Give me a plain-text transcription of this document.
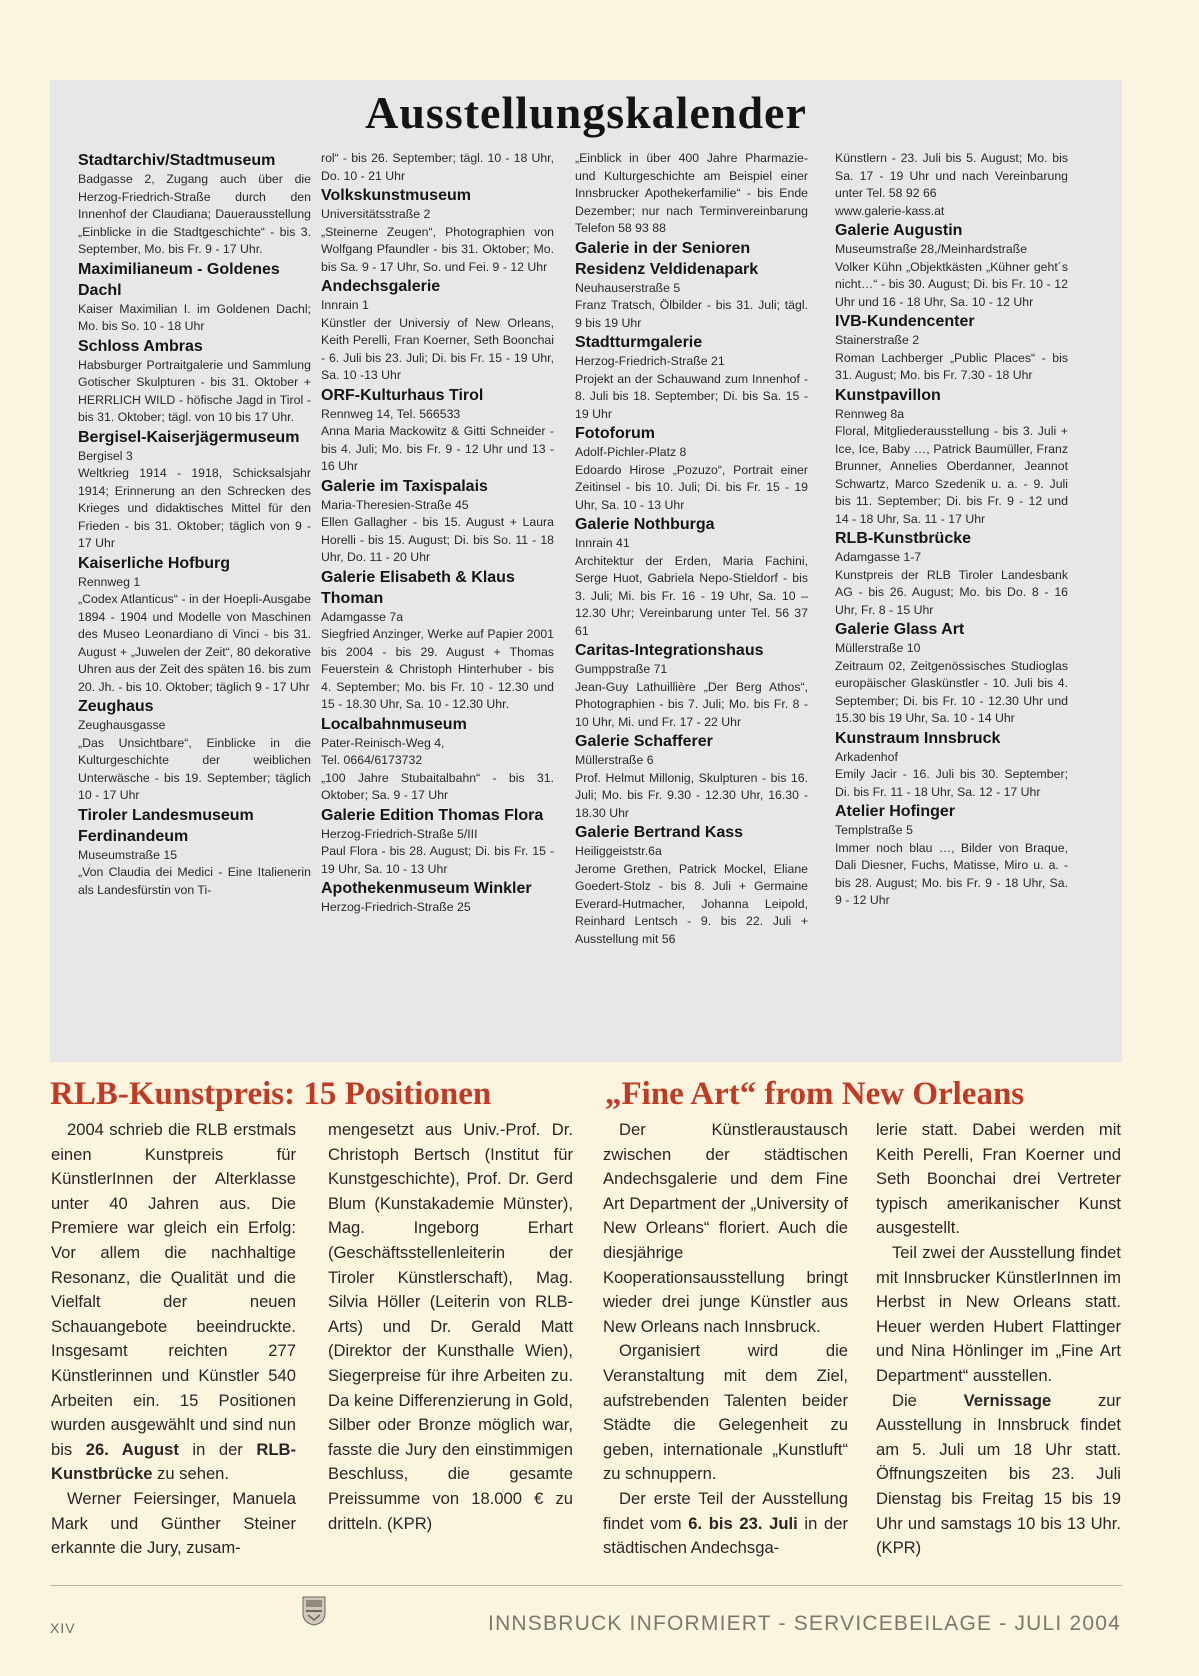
Ausstellungskalender
Stadtarchiv/Stadtmuseum
Badgasse 2, Zugang auch über die Herzog-Friedrich-Straße durch den Innenhof der Claudiana; Dauerausstellung „Einblicke in die Stadtgeschichte“ - bis 3. September, Mo. bis Fr. 9 - 17 Uhr.
Maximilianeum - Goldenes Dachl
Kaiser Maximilian I. im Goldenen Dachl; Mo. bis So. 10 - 18 Uhr
Schloss Ambras
Habsburger Portraitgalerie und Sammlung Gotischer Skulpturen - bis 31. Oktober + HERRLICH WILD - höfische Jagd in Tirol - bis 31. Oktober; tägl. von 10 bis 17 Uhr.
Bergisel-Kaiserjägermuseum
Bergisel 3
Weltkrieg 1914 - 1918, Schicksalsjahr 1914; Erinnerung an den Schrecken des Krieges und didaktisches Mittel für den Frieden - bis 31. Oktober; täglich von 9 - 17 Uhr
Kaiserliche Hofburg
Rennweg 1
„Codex Atlanticus“ - in der Hoepli-Ausgabe 1894 - 1904 und Modelle von Maschinen des Museo Leonardiano di Vinci - bis 31. August + „Juwelen der Zeit“, 80 dekorative Uhren aus der Zeit des späten 16. bis zum 20. Jh. - bis 10. Oktober; täglich 9 - 17 Uhr
Zeughaus
Zeughausgasse
„Das Unsichtbare“, Einblicke in die Kulturgeschichte der weiblichen Unterwäsche - bis 19. September; täglich 10 - 17 Uhr
Tiroler Landesmuseum Ferdinandeum
Museumstraße 15
„Von Claudia dei Medici - Eine Italienerin als Landesfürstin von Ti-
rol“ - bis 26. September; tägl. 10 - 18 Uhr, Do. 10 - 21 Uhr
Volkskunstmuseum
Universitätsstraße 2
„Steinerne Zeugen“, Photographien von Wolfgang Pfaundler - bis 31. Oktober; Mo. bis Sa. 9 - 17 Uhr, So. und Fei. 9 - 12 Uhr
Andechsgalerie
Innrain 1
Künstler der Universiy of New Orleans, Keith Perelli, Fran Koerner, Seth Boonchai - 6. Juli bis 23. Juli; Di. bis Fr. 15 - 19 Uhr, Sa. 10 -13 Uhr
ORF-Kulturhaus Tirol
Rennweg 14, Tel. 566533
Anna Maria Mackowitz & Gitti Schneider - bis 4. Juli; Mo. bis Fr. 9 - 12 Uhr und 13 - 16 Uhr
Galerie im Taxispalais
Maria-Theresien-Straße 45
Ellen Gallagher - bis 15. August + Laura Horelli - bis 15. August; Di. bis So. 11 - 18 Uhr, Do. 11 - 20 Uhr
Galerie Elisabeth & Klaus Thoman
Adamgasse 7a
Siegfried Anzinger, Werke auf Papier 2001 bis 2004 - bis 29. August + Thomas Feuerstein & Christoph Hinterhuber - bis 4. September; Mo. bis Fr. 10 - 12.30 und 15 - 18.30 Uhr, Sa. 10 - 12.30 Uhr.
Localbahnmuseum
Pater-Reinisch-Weg 4,
Tel. 0664/6173732
„100 Jahre Stubaitalbahn“ - bis 31. Oktober; Sa. 9 - 17 Uhr
Galerie Edition Thomas Flora
Herzog-Friedrich-Straße 5/III
Paul Flora - bis 28. August; Di. bis Fr. 15 - 19 Uhr, Sa. 10 - 13 Uhr
Apothekenmuseum Winkler
Herzog-Friedrich-Straße 25
„Einblick in über 400 Jahre Pharmazie- und Kulturgeschichte am Beispiel einer Innsbrucker Apothekerfamilie“ - bis Ende Dezember; nur nach Terminvereinbarung Telefon 58 93 88
Galerie in der Senioren Residenz Veldidenapark
Neuhauserstraße 5
Franz Tratsch, Ölbilder - bis 31. Juli; tägl. 9 bis 19 Uhr
Stadtturmgalerie
Herzog-Friedrich-Straße 21
Projekt an der Schauwand zum Innenhof - 8. Juli bis 18. September; Di. bis Sa. 15 - 19 Uhr
Fotoforum
Adolf-Pichler-Platz 8
Edoardo Hirose „Pozuzo“, Portrait einer Zeitinsel - bis 10. Juli; Di. bis Fr. 15 - 19 Uhr, Sa. 10 - 13 Uhr
Galerie Nothburga
Innrain 41
Architektur der Erden, Maria Fachini, Serge Huot, Gabriela Nepo-Stieldorf - bis 3. Juli; Mi. bis Fr. 16 - 19 Uhr, Sa. 10 – 12.30 Uhr; Vereinbarung unter Tel. 56 37 61
Caritas-Integrationshaus
Gumppstraße 71
Jean-Guy Lathuillière „Der Berg Athos“, Photographien - bis 7. Juli; Mo. bis Fr. 8 - 10 Uhr, Mi. und Fr. 17 - 22 Uhr
Galerie Schafferer
Müllerstraße 6
Prof. Helmut Millonig, Skulpturen - bis 16. Juli; Mo. bis Fr. 9.30 - 12.30 Uhr, 16.30 - 18.30 Uhr
Galerie Bertrand Kass
Heiliggeiststr.6a
Jerome Grethen, Patrick Mockel, Eliane Goedert-Stolz - bis 8. Juli + Germaine Everard-Hutmacher, Johanna Leipold, Reinhard Lentsch - 9. bis 22. Juli + Ausstellung mit 56
Künstlern - 23. Juli bis 5. August; Mo. bis Sa. 17 - 19 Uhr und nach Vereinbarung unter Tel. 58 92 66
www.galerie-kass.at
Galerie Augustin
Museumstraße 28,/Meinhardstraße
Volker Kühn „Objektkästen „Kühner geht´s nicht…“ - bis 30. August; Di. bis Fr. 10 - 12 Uhr und 16 - 18 Uhr, Sa. 10 - 12 Uhr
IVB-Kundencenter
Stainerstraße 2
Roman Lachberger „Public Places“ - bis 31. August; Mo. bis Fr. 7.30 - 18 Uhr
Kunstpavillon
Rennweg 8a
Floral, Mitgliederausstellung - bis 3. Juli + Ice, Ice, Baby …, Patrick Baumüller, Franz Brunner, Annelies Oberdanner, Jeannot Schwartz, Marco Szedenik u. a. - 9. Juli bis 11. September; Di. bis Fr. 9 - 12 und 14 - 18 Uhr, Sa. 11 - 17 Uhr
RLB-Kunstbrücke
Adamgasse 1-7
Kunstpreis der RLB Tiroler Landesbank AG - bis 26. August; Mo. bis Do. 8 - 16 Uhr, Fr. 8 - 15 Uhr
Galerie Glass Art
Müllerstraße 10
Zeitraum 02, Zeitgenössisches Studioglas europäischer Glaskünstler - 10. Juli bis 4. September; Di. bis Fr. 10 - 12.30 Uhr und 15.30 bis 19 Uhr, Sa. 10 - 14 Uhr
Kunstraum Innsbruck
Arkadenhof
Emily Jacir - 16. Juli bis 30. September; Di. bis Fr. 11 - 18 Uhr, Sa. 12 - 17 Uhr
Atelier Hofinger
Templstraße 5
Immer noch blau …, Bilder von Braque, Dali Diesner, Fuchs, Matisse, Miro u. a. - bis 28. August; Mo. bis Fr. 9 - 18 Uhr, Sa. 9 - 12 Uhr
RLB-Kunstpreis: 15 Positionen	„Fine Art“ from New Orleans

2004 schrieb die RLB erstmals einen Kunstpreis für KünstlerInnen der Alterklasse unter 40 Jahren aus. Die Premiere war gleich ein Erfolg: Vor allem die nachhaltige Resonanz, die Qualität und die Vielfalt der neuen Schauangebote beeindruckte. Insgesamt reichten 277 Künstlerinnen und Künstler 540 Arbeiten ein. 15 Positionen wurden ausgewählt und sind nun bis 26. August in der RLB-Kunstbrücke zu sehen.

Werner Feiersinger, Manuela Mark und Günther Steiner erkannte die Jury, zusam-

mengesetzt aus Univ.-Prof. Dr. Christoph Bertsch (Institut für Kunstgeschichte), Prof. Dr. Gerd Blum (Kunstakademie Münster), Mag. Ingeborg Erhart (Geschäftsstellenleiterin der Tiroler Künstlerschaft), Mag. Silvia Höller (Leiterin von RLB-Arts) und Dr. Gerald Matt (Direktor der Kunsthalle Wien), Siegerpreise für ihre Arbeiten zu. Da keine Differenzierung in Gold, Silber oder Bronze möglich war, fasste die Jury den einstimmigen Beschluss, die gesamte Preissumme von 18.000 € zu dritteln. (KPR)

Der Künstleraustausch zwischen der städtischen Andechsgalerie und dem Fine Art Department der „University of New Orleans“ floriert. Auch die diesjährige Kooperationsausstellung bringt wieder drei junge Künstler aus New Orleans nach Innsbruck.

Organisiert wird die Veranstaltung mit dem Ziel, aufstrebenden Talenten beider Städte die Gelegenheit zu geben, internationale „Kunstluft“ zu schnuppern.

Der erste Teil der Ausstellung findet vom 6. bis 23. Juli in der städtischen Andechsga-

lerie statt. Dabei werden mit Keith Perelli, Fran Koerner und Seth Boonchai drei Vertreter typisch amerikanischer Kunst ausgestellt.

Teil zwei der Ausstellung findet mit Innsbrucker KünstlerInnen im Herbst in New Orleans statt. Heuer werden Hubert Flattinger und Nina Hönlinger im „Fine Art Department“ ausstellen.

Die Vernissage zur Ausstellung in Innsbruck findet am 5. Juli um 18 Uhr statt. Öffnungszeiten bis 23. Juli Dienstag bis Freitag 15 bis 19 Uhr und samstags 10 bis 13 Uhr. (KPR)

XIV	INNSBRUCK INFORMIERT - SERVICEBEILAGE - JULI 2004
